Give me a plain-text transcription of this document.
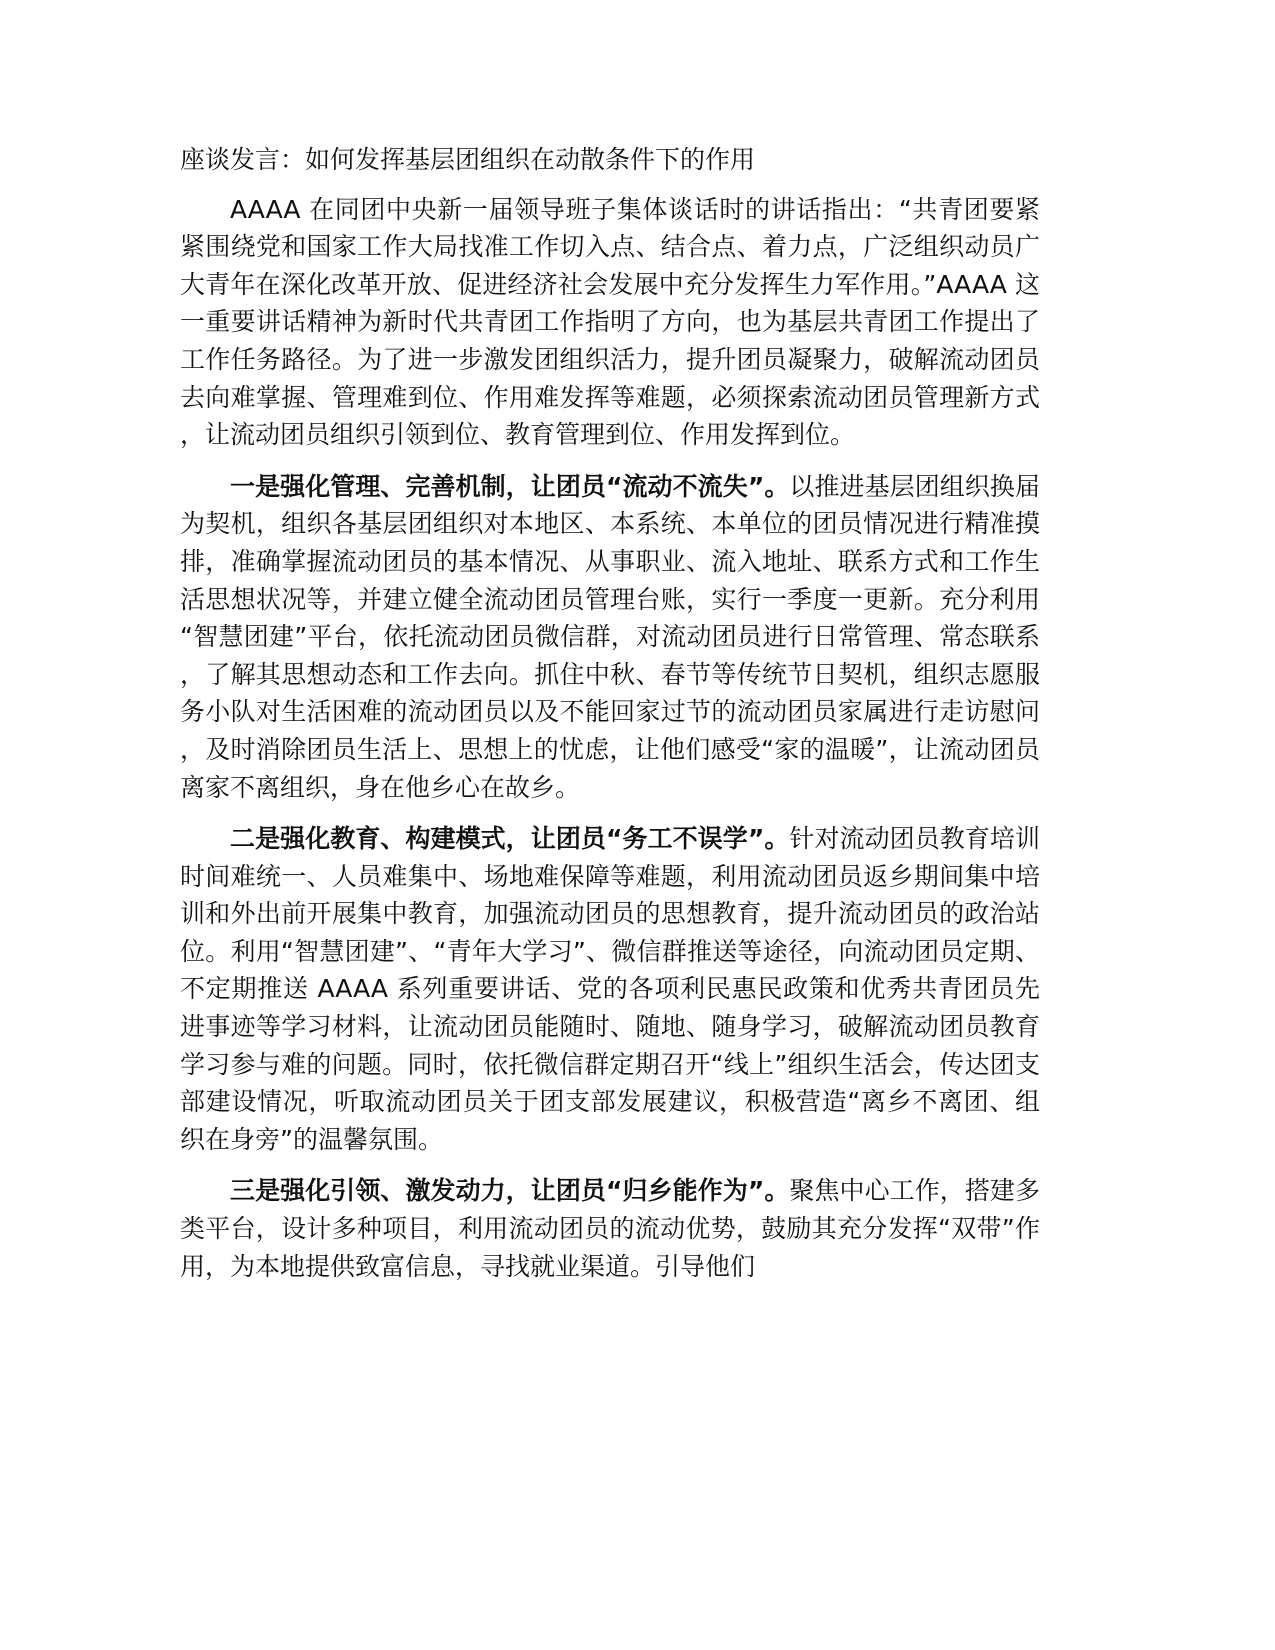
座谈发言：如何发挥基层团组织在动散条件下的作用

AAAA 在同团中央新一届领导班子集体谈话时的讲话指出：“共青团要紧紧围绕党和国家工作大局找准工作切入点、结合点、着力点，广泛组织动员广大青年在深化改革开放、促进经济社会发展中充分发挥生力军作用。”AAAA 这一重要讲话精神为新时代共青团工作指明了方向，也为基层共青团工作提出了工作任务路径。为了进一步激发团组织活力，提升团员凝聚力，破解流动团员去向难掌握、管理难到位、作用难发挥等难题，必须探索流动团员管理新方式，让流动团员组织引领到位、教育管理到位、作用发挥到位。

一是强化管理、完善机制，让团员“流动不流失”。以推进基层团组织换届为契机，组织各基层团组织对本地区、本系统、本单位的团员情况进行精准摸排，准确掌握流动团员的基本情况、从事职业、流入地址、联系方式和工作生活思想状况等，并建立健全流动团员管理台账，实行一季度一更新。充分利用“智慧团建”平台，依托流动团员微信群，对流动团员进行日常管理、常态联系，了解其思想动态和工作去向。抓住中秋、春节等传统节日契机，组织志愿服务小队对生活困难的流动团员以及不能回家过节的流动团员家属进行走访慰问，及时消除团员生活上、思想上的忧虑，让他们感受“家的温暖”，让流动团员离家不离组织，身在他乡心在故乡。

二是强化教育、构建模式，让团员“务工不误学”。针对流动团员教育培训时间难统一、人员难集中、场地难保障等难题，利用流动团员返乡期间集中培训和外出前开展集中教育，加强流动团员的思想教育，提升流动团员的政治站位。利用“智慧团建”、“青年大学习”、微信群推送等途径，向流动团员定期、不定期推送 AAAA 系列重要讲话、党的各项利民惠民政策和优秀共青团员先进事迹等学习材料，让流动团员能随时、随地、随身学习，破解流动团员教育学习参与难的问题。同时，依托微信群定期召开“线上”组织生活会，传达团支部建设情况，听取流动团员关于团支部发展建议，积极营造“离乡不离团、组织在身旁”的温馨氛围。

三是强化引领、激发动力，让团员“归乡能作为”。聚焦中心工作，搭建多类平台，设计多种项目，利用流动团员的流动优势，鼓励其充分发挥“双带”作用，为本地提供致富信息，寻找就业渠道。引导他们
